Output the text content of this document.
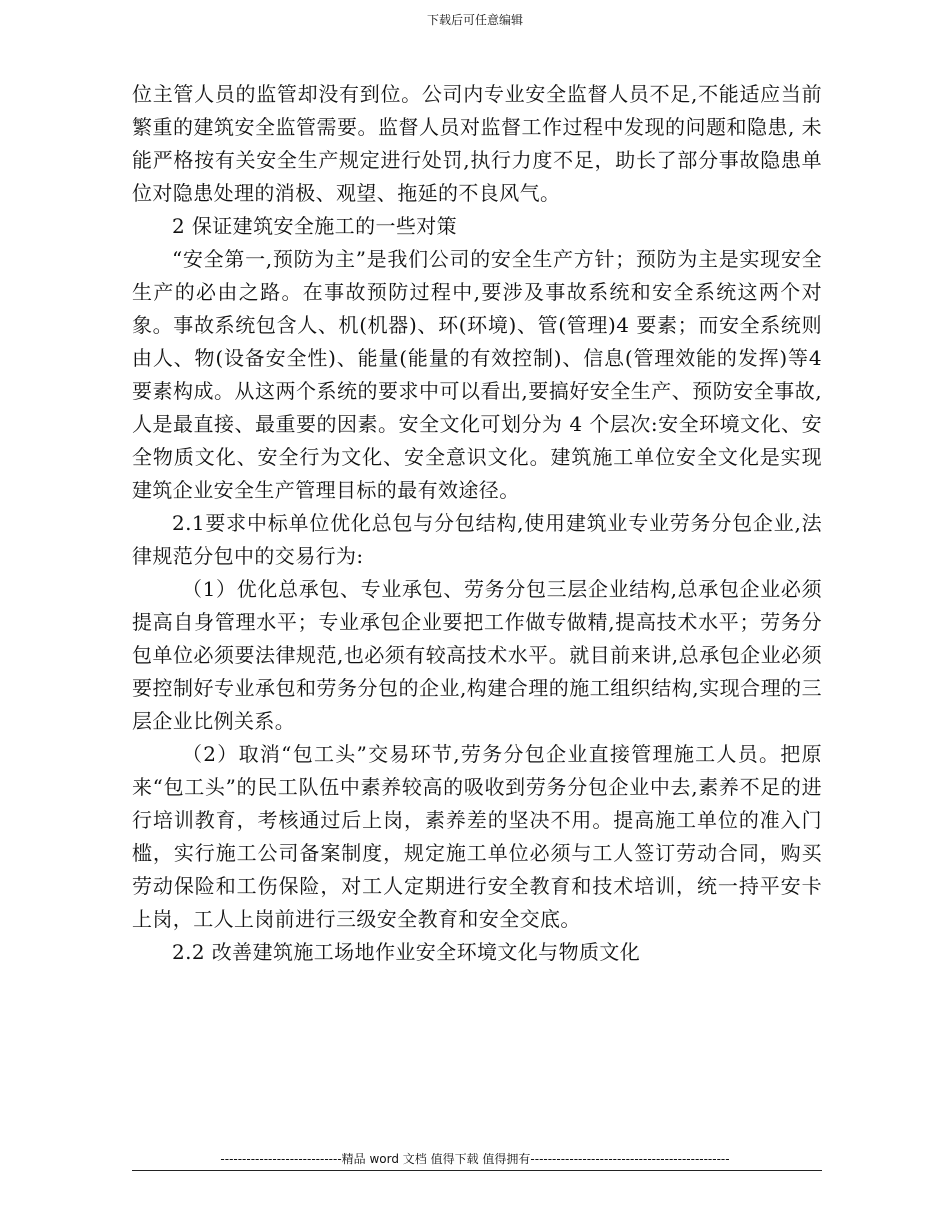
下载后可任意编辑

位主管人员的监管却没有到位。公司内专业安全监督人员不足,不能适应当前繁重的建筑安全监管需要。监督人员对监督工作过程中发现的问题和隐患, 未能严格按有关安全生产规定进行处罚,执行力度不足，助长了部分事故隐患单位对隐患处理的消极、观望、拖延的不良风气。

2 保证建筑安全施工的一些对策

“安全第一,预防为主”是我们公司的安全生产方针；预防为主是实现安全生产的必由之路。在事故预防过程中,要涉及事故系统和安全系统这两个对象。事故系统包含人、机(机器)、环(环境)、管(管理)4 要素；而安全系统则由人、物(设备安全性)、能量(能量的有效控制)、信息(管理效能的发挥)等4要素构成。从这两个系统的要求中可以看出,要搞好安全生产、预防安全事故,人是最直接、最重要的因素。安全文化可划分为 4 个层次:安全环境文化、安全物质文化、安全行为文化、安全意识文化。建筑施工单位安全文化是实现建筑企业安全生产管理目标的最有效途径。

2.1要求中标单位优化总包与分包结构,使用建筑业专业劳务分包企业,法律规范分包中的交易行为:

（1）优化总承包、专业承包、劳务分包三层企业结构,总承包企业必须提高自身管理水平；专业承包企业要把工作做专做精,提高技术水平；劳务分包单位必须要法律规范,也必须有较高技术水平。就目前来讲,总承包企业必须要控制好专业承包和劳务分包的企业,构建合理的施工组织结构,实现合理的三层企业比例关系。

（2）取消“包工头”交易环节,劳务分包企业直接管理施工人员。把原来“包工头”的民工队伍中素养较高的吸收到劳务分包企业中去,素养不足的进行培训教育，考核通过后上岗，素养差的坚决不用。提高施工单位的准入门槛，实行施工公司备案制度，规定施工单位必须与工人签订劳动合同，购买劳动保险和工伤保险，对工人定期进行安全教育和技术培训，统一持平安卡上岗，工人上岗前进行三级安全教育和安全交底。

2.2 改善建筑施工场地作业安全环境文化与物质文化

----------------------------精品 word 文档 值得下载 值得拥有----------------------------------------------
